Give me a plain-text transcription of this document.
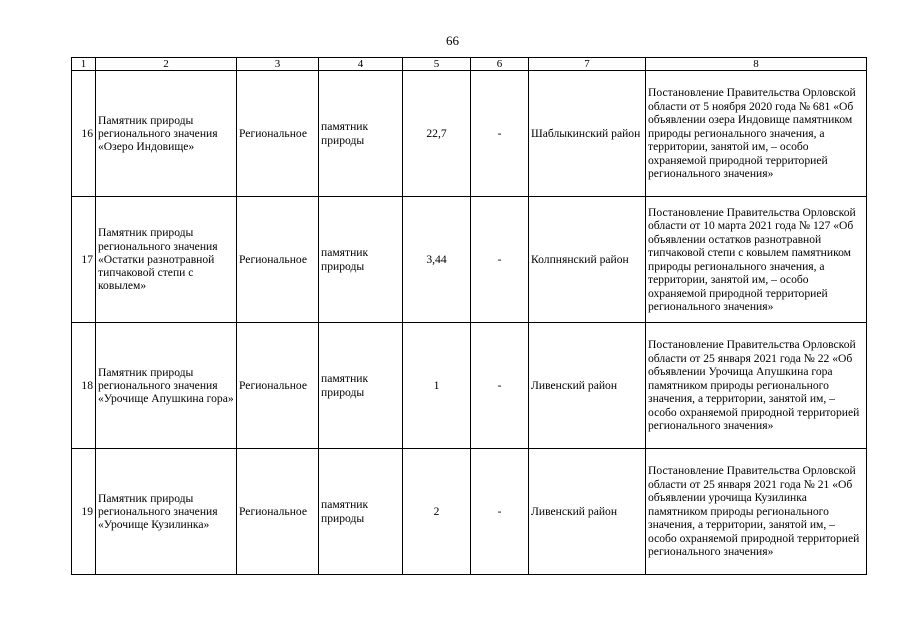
66
1	2	3	4	5	6	7	8
16	Памятник природы регионального значения «Озеро Индовище»	Региональное	памятник природы	22,7	-	Шаблыкинский район	Постановление Правительства Орловской области от 5 ноября 2020 года № 681 «Об объявлении озера Индовище памятником природы регионального значения, а территории, занятой им, – особо охраняемой природной территорией регионального значения»
17	Памятник природы регионального значения «Остатки разнотравной типчаковой степи с ковылем»	Региональное	памятник природы	3,44	-	Колпнянский район	Постановление Правительства Орловской области от 10 марта 2021 года № 127 «Об объявлении остатков разнотравной типчаковой степи с ковылем памятником природы регионального значения, а территории, занятой им, – особо охраняемой природной территорией регионального значения»
18	Памятник природы регионального значения «Урочище Апушкина гора»	Региональное	памятник природы	1	-	Ливенский район	Постановление Правительства Орловской области от 25 января 2021 года № 22 «Об объявлении Урочища Апушкина гора памятником природы регионального значения, а территории, занятой им, – особо охраняемой природной территорией регионального значения»
19	Памятник природы регионального значения «Урочище Кузилинка»	Региональное	памятник природы	2	-	Ливенский район	Постановление Правительства Орловской области от 25 января 2021 года № 21 «Об объявлении урочища Кузилинка памятником природы регионального значения, а территории, занятой им, – особо охраняемой природной территорией регионального значения»
